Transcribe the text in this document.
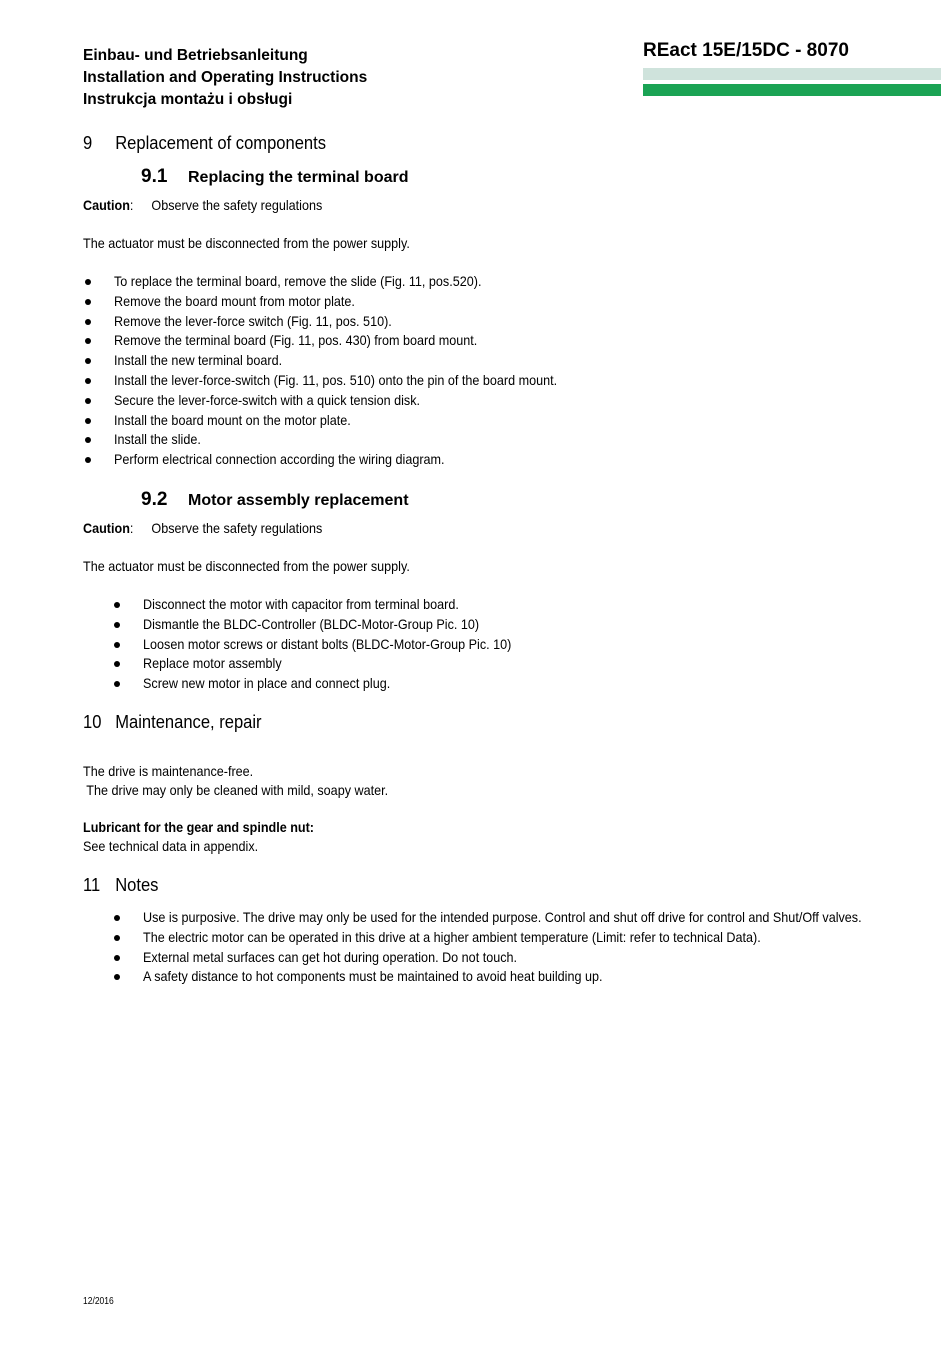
Einbau- und Betriebsanleitung
Installation and Operating Instructions
Instrukcja montażu i obsługi
REact 15E/15DC - 8070
9 Replacement of components
9.1 Replacing the terminal board
Caution: Observe the safety regulations
The actuator must be disconnected from the power supply.
To replace the terminal board, remove the slide (Fig. 11, pos.520).
Remove the board mount from motor plate.
Remove the lever-force switch (Fig. 11, pos. 510).
Remove the terminal board (Fig. 11, pos. 430) from board mount.
Install the new terminal board.
Install the lever-force-switch (Fig. 11, pos. 510) onto the pin of the board mount.
Secure the lever-force-switch with a quick tension disk.
Install the board mount on the motor plate.
Install the slide.
Perform electrical connection according the wiring diagram.
9.2 Motor assembly replacement
Caution: Observe the safety regulations
The actuator must be disconnected from the power supply.
Disconnect the motor with capacitor from terminal board.
Dismantle the BLDC-Controller (BLDC-Motor-Group Pic. 10)
Loosen motor screws or distant bolts (BLDC-Motor-Group Pic. 10)
Replace motor assembly
Screw new motor in place and connect plug.
10 Maintenance, repair
The drive is maintenance-free.
The drive may only be cleaned with mild, soapy water.
Lubricant for the gear and spindle nut:
See technical data in appendix.
11 Notes
Use is purposive. The drive may only be used for the intended purpose. Control and shut off drive for control and Shut/Off valves.
The electric motor can be operated in this drive at a higher ambient temperature (Limit: refer to technical Data).
External metal surfaces can get hot during operation. Do not touch.
A safety distance to hot components must be maintained to avoid heat building up.
12/2016
